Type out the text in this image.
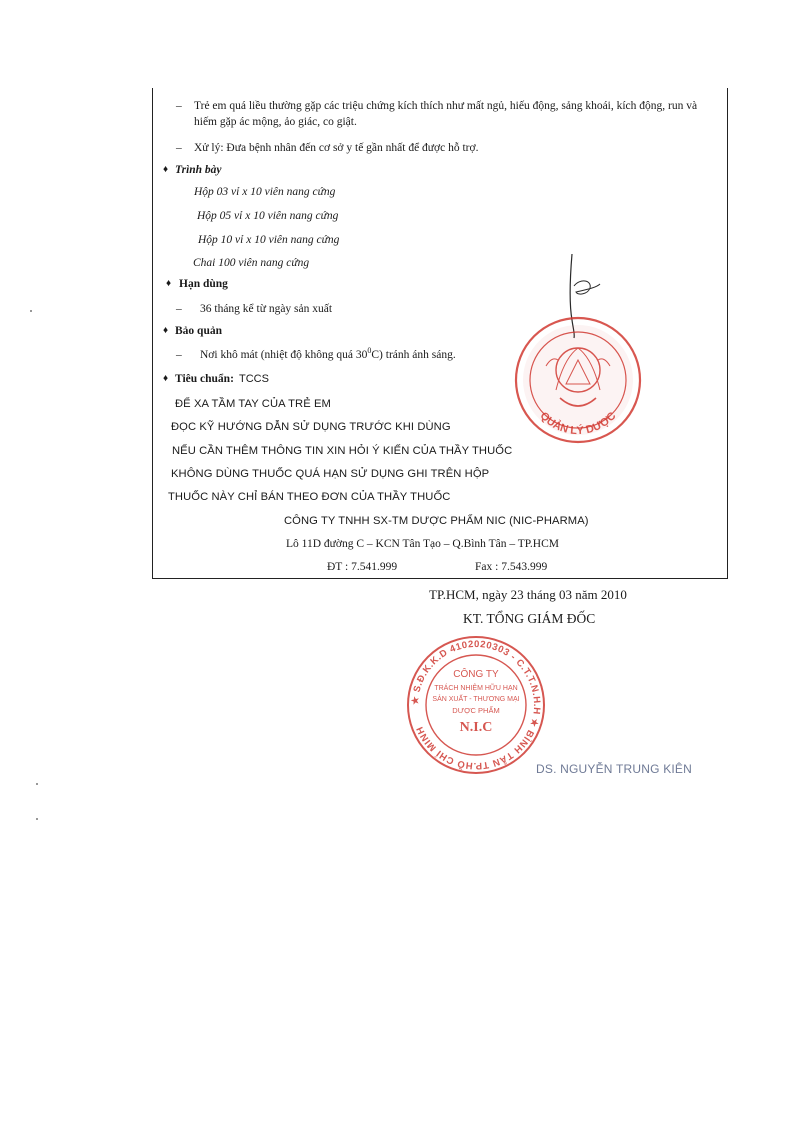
– Trẻ em quá liều thường gặp các triệu chứng kích thích như mất ngủ, hiếu động, sảng khoái, kích động, run và
hiếm gặp ác mộng, ảo giác, co giật.
– Xử lý: Đưa bệnh nhân đến cơ sở y tế gần nhất để được hỗ trợ.
♦ Trình bày
Hộp 03 vỉ x 10 viên nang cứng
Hộp 05 vỉ x 10 viên nang cứng
Hộp 10 vỉ x 10 viên nang cứng
Chai 100 viên nang cứng
♦ Hạn dùng
– 36 tháng kể từ ngày sản xuất
♦ Bảo quản
– Nơi khô mát (nhiệt độ không quá $30^0C$) tránh ánh sáng.
♦ Tiêu chuẩn: TCCS
ĐỂ XA TẦM TAY CỦA TRẺ EM
ĐỌC KỸ HƯỚNG DẪN SỬ DỤNG TRƯỚC KHI DÙNG
NẾU CẦN THÊM THÔNG TIN XIN HỎI Ý KIẾN CỦA THẦY THUỐC
KHÔNG DÙNG THUỐC QUÁ HẠN SỬ DỤNG GHI TRÊN HỘP
THUỐC NÀY CHỈ BÁN THEO ĐƠN CỦA THẦY THUỐC
CÔNG TY TNHH SX-TM DƯỢC PHẨM NIC (NIC-PHARMA)
Lô 11D đường C – KCN Tân Tạo – Q.Bình Tân – TP.HCM
ĐT : 7.541.999	Fax : 7.543.999
QUẢN LÝ DƯỢC
TP.HCM, ngày 23 tháng 03 năm 2010
KT. TỔNG GIÁM ĐỐC
★ S.Đ.K.K.D 4102020303 - C.T.T.N.H.H ★ BÌNH TÂN TP.HỒ CHÍ MINH
CÔNG TY
TRÁCH NHIỆM HỮU HẠN
SẢN XUẤT - THƯƠNG MẠI
DƯỢC PHẨM
N.I.C
DS. NGUYỄN TRUNG KIÊN
